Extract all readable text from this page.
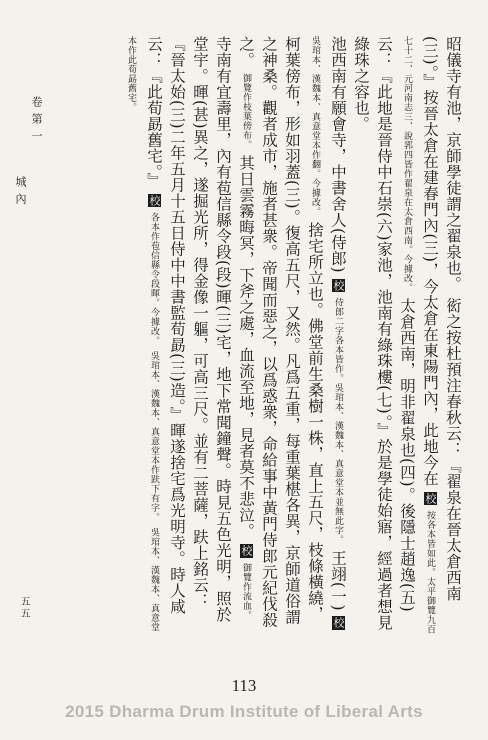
卷第一
城內
五五

昭儀寺有池，京師學徒謂之翟泉也。 衒之按杜預注春秋云：『翟泉在晉太倉西南(三)。』按晉太倉在建春門內(三)，今太倉在東陽門內，此地今在 校 按各本皆如此。太平御覽九百七十二、元河南志三、說郛四皆作翟泉在太倉西南。今據改。 太倉西南，明非翟泉也(四)。後隱士趙逸(五)云：『此地是晉侍中石崇(六)家池，池南有綠珠樓(七)。』於是學徒始寤，經過者想見綠珠之容也。

池西南有願會寺，中書舍人(侍郎) 校 侍郎二字各本皆作。吳琯本、漢魏本、真意堂本並無此字。 王翊(一) 校 吳琯本、漢魏本、真意堂本作翻。今據改。 捨宅所立也。佛堂前生桑樹一株，直上五尺，枝條橫繞，柯葉傍布，形如羽蓋(三)。復高五尺，又然。凡爲五重，每重葉椹各異，京師道俗謂之神桑。觀者成市，施者甚衆。帝聞而惡之，以爲惑衆，命給事中黃門侍郎元紀伐殺之。 御覽作枝葉傍布。 其日雲霧晦冥，下斧之處，血流至地，見者莫不悲泣。 校 御覽作流血。

寺南有宜壽里，內有苞信縣令段(段)暉(三)宅，地下常聞鐘聲。時見五色光明，照於堂宇。暉(甚)異之，遂掘光所，得金像一軀，可高三尺。並有二菩薩，趺上銘云：『晉太始(三)二年五月十五日侍中中書監荀勗(三)造。』暉遂捨宅爲光明寺。時人咸云：『此荀勗舊宅。』 校 各本作苞信縣令段暉。今據改。 吳琯本、漢魏本、真意堂本作趺下有字。 吳琯本、漢魏本、真意堂本作此荀勗舊宅。

113
2015 Dharma Drum Institute of Liberal Arts
